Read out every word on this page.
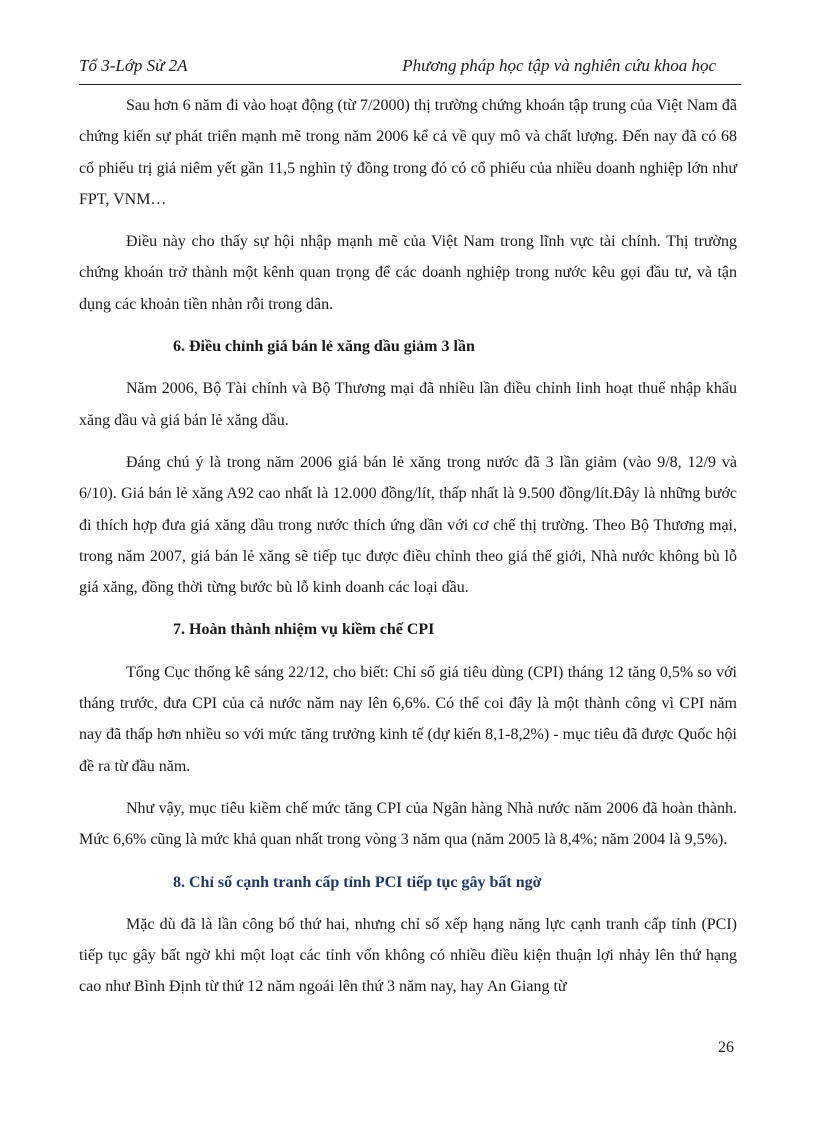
Tổ 3-Lớp Sử 2A	Phương pháp học tập và nghiên cứu khoa học

Sau hơn 6 năm đi vào hoạt động (từ 7/2000) thị trường chứng khoán tập trung của Việt Nam đã chứng kiến sự phát triển mạnh mẽ trong năm 2006 kể cả về quy mô và chất lượng. Đến nay đã có 68 cổ phiếu trị giá niêm yết gần 11,5 nghìn tỷ đồng trong đó có cổ phiếu của nhiều doanh nghiệp lớn như FPT, VNM…

Điều này cho thấy sự hội nhập mạnh mẽ của Việt Nam trong lĩnh vực tài chính. Thị trường chứng khoán trở thành một kênh quan trọng để các doanh nghiệp trong nước kêu gọi đầu tư, và tận dụng các khoản tiền nhàn rỗi trong dân.

6. Điều chỉnh giá bán lẻ xăng dầu giảm 3 lần

Năm 2006, Bộ Tài chính và Bộ Thương mại đã nhiều lần điều chỉnh linh hoạt thuế nhập khẩu xăng dầu và giá bán lẻ xăng dầu.

Đáng chú ý là trong năm 2006 giá bán lẻ xăng trong nước đã 3 lần giảm (vào 9/8, 12/9 và 6/10). Giá bán lẻ xăng A92 cao nhất là 12.000 đồng/lít, thấp nhất là 9.500 đồng/lít.Đây là những bước đi thích hợp đưa giá xăng dầu trong nước thích ứng dần với cơ chế thị trường. Theo Bộ Thương mại, trong năm 2007, giá bán lẻ xăng sẽ tiếp tục được điều chỉnh theo giá thế giới, Nhà nước không bù lỗ giá xăng, đồng thời từng bước bù lỗ kinh doanh các loại dầu.

7. Hoàn thành nhiệm vụ kiềm chế CPI

Tổng Cục thống kê sáng 22/12, cho biết: Chỉ số giá tiêu dùng (CPI) tháng 12 tăng 0,5% so với tháng trước, đưa CPI của cả nước năm nay lên 6,6%. Có thể coi đây là một thành công vì CPI năm nay đã thấp hơn nhiều so với mức tăng trưởng kinh tế (dự kiến 8,1-8,2%) - mục tiêu đã được Quốc hội đề ra từ đầu năm.

Như vậy, mục tiêu kiềm chế mức tăng CPI của Ngân hàng Nhà nước năm 2006 đã hoàn thành. Mức 6,6% cũng là mức khả quan nhất trong vòng 3 năm qua (năm 2005 là 8,4%; năm 2004 là 9,5%).

8. Chỉ số cạnh tranh cấp tỉnh PCI tiếp tục gây bất ngờ

Mặc dù đã là lần công bố thứ hai, nhưng chỉ số xếp hạng năng lực cạnh tranh cấp tỉnh (PCI) tiếp tục gây bất ngờ khi một loạt các tỉnh vốn không có nhiều điều kiện thuận lợi nhảy lên thứ hạng cao như Bình Định từ thứ 12 năm ngoái lên thứ 3 năm nay, hay An Giang từ

26
